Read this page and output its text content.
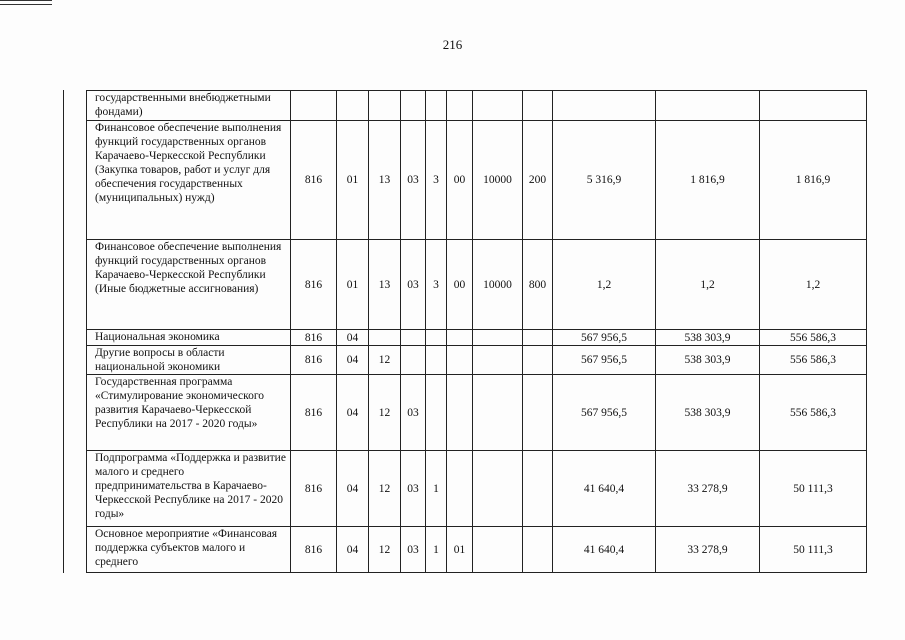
216
государственными внебюджетными фондами)											
Финансовое обеспечение выполнения функций государственных органов Карачаево-Черкесской Республики (Закупка товаров, работ и услуг для обеспечения государственных (муниципальных) нужд)	816	01	13	03	3	00	10000	200	5 316,9	1 816,9	1 816,9
Финансовое обеспечение выполнения функций государственных органов Карачаево-Черкесской Республики (Иные бюджетные ассигнования)	816	01	13	03	3	00	10000	800	1,2	1,2	1,2
Национальная экономика	816	04							567 956,5	538 303,9	556 586,3
Другие вопросы в области национальной экономики	816	04	12						567 956,5	538 303,9	556 586,3
Государственная программа «Стимулирование экономического развития Карачаево-Черкесской Республики на 2017 - 2020 годы»	816	04	12	03					567 956,5	538 303,9	556 586,3
Подпрограмма «Поддержка и развитие малого и среднего предпринимательства в Карачаево-Черкесской Республике на 2017 - 2020 годы»	816	04	12	03	1				41 640,4	33 278,9	50 111,3
Основное мероприятие «Финансовая поддержка субъектов малого и среднего	816	04	12	03	1	01			41 640,4	33 278,9	50 111,3
